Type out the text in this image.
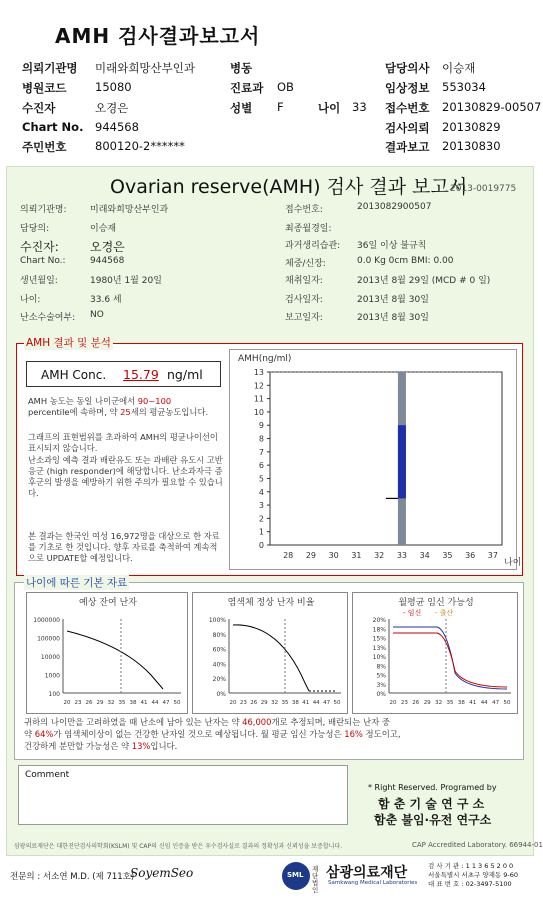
AMH 검사결과보고서
의뢰기관명 미래와희망산부인과	병동	담당의사 이승재
병원코드 15080	진료과 OB	임상정보 553034
수진자	오경은	성별 F	나이 33 접수번호 20130829-00507
Chart No. 944568	검사의뢰 20130829
주민번호 800120-2******	결과보고 20130830
Ovarian reserve(AMH) 검사 결과 보고서
2013-0019775
의뢰기관명:	미래와희망산부인과
담당의:	이승재
수진자:	오경은
Chart No.:	944568
생년월일:	1980년 1월 20일
나이:	33.6 세
난소수술여부: NO
접수번호:	2013082900507
최종월경일:
과거생리습관: 36일 이상 불규칙
체중/신장:	0.0 Kg 0cm BMI: 0.00
채취일자:	2013년 8월 29일 (MCD # 0 일)
검사일자:	2013년 8월 30일
보고일자:	2013년 8월 30일
AMH 결과 및 분석
AMH Conc. 15.79 ng/ml
AMH 농도는 동일 나이군에서 90~100
percentile에 속하며, 약 25세의 평균농도입니다.
그래프의 표현범위를 초과하여 AMH의 평균나이선이 표시되지 않습니다.
난소과잉 예측 결과 배란유도 또는 과배란 유도시 고반응군 (high responder)에 해당합니다. 난소과자극 증후군의 발생을 예방하기 위한 주의가 필요할 수 있습니다.
본 결과는 한국인 여성 16,972명을 대상으로 한 자료를 기초로 한 것입니다. 향후 자료를 축적하여 계속적으로 UPDATE할 예정입니다.
AMH(ng/ml)
0
1
2
3
4
5
6
7
8
9
10
11
12
13
28 29 30 31 32 33 34 35 36 37
나이
나이에 따른 기본 자료
예상 잔여 난자
1000000
100000
10000
1000
100
20 23 26 29 32 35 38 41 44 47 50
염색체 정상 난자 비율
100%
80%
60%
40%
20%
0%
20 23 26 29 32 35 38 41 44 47 50
월평균 임신 가능성
20%
18%
15%
13%
10%
8%
5%
3%
0%
20 23 26 29 32 35 38 41 44 47 50
- 임신 - 출산
귀하의 나이만을 고려하였을 때 난소에 남아 있는 난자는 약 46,000개로 추정되며, 배란되는 난자 중
약 64%가 염색체이상이 없는 건강한 난자일 것으로 예상됩니다. 월 평균 임신 가능성은 16% 정도이고,
건강하게 분만할 가능성은 약 13%입니다.
Comment
* Right Reserved. Programed by
함 춘 기 술 연 구 소
함춘 불임·유전 연구소
CAP Accredited Laboratory. 66944-01
삼광의료재단은 대한진단검사의학회(KSLM) 및 CAP의 신임 인증을 받은 우수검사실로 결과의 정확성과 신뢰성을 보증합니다.
전문의 : 서소연 M.D. (제 711호)
SoyemSeo	SML
재단법인
삼광의료재단
Samkwang Medical Laboratories
검 사 기 관 : 1 1 3 6 5 2 0 0
서울특별시 서초구 양재동 9-60
대 표 번 호 : 02-3497-5100
